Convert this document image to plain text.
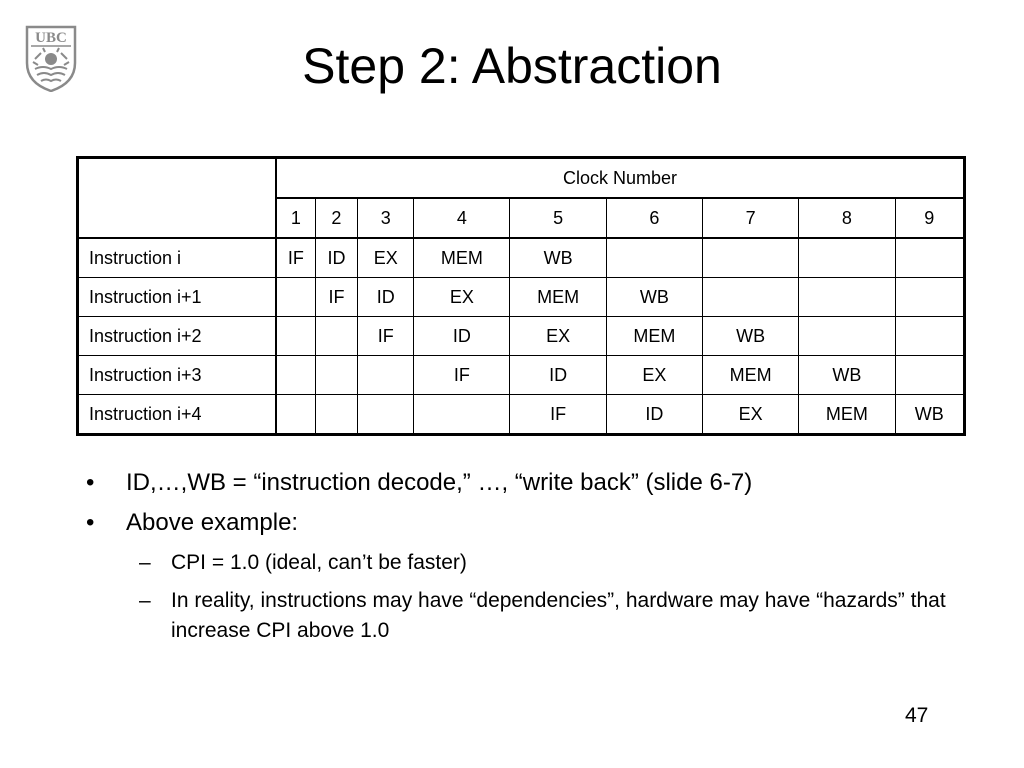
UBC	Step 2: Abstraction
	Clock Number								
	1	2	3	4	5	6	7	8	9
Instruction i	IF	ID	EX	MEM	WB				
Instruction i+1		IF	ID	EX	MEM	WB			
Instruction i+2			IF	ID	EX	MEM	WB		
Instruction i+3				IF	ID	EX	MEM	WB	
Instruction i+4					IF	ID	EX	MEM	WB
• ID,…,WB = “instruction decode,” …, “write back” (slide 6-7)
• Above example:
– CPI = 1.0 (ideal, can’t be faster)
– In reality, instructions may have “dependencies”, hardware may have “hazards” that increase CPI above 1.0
47
